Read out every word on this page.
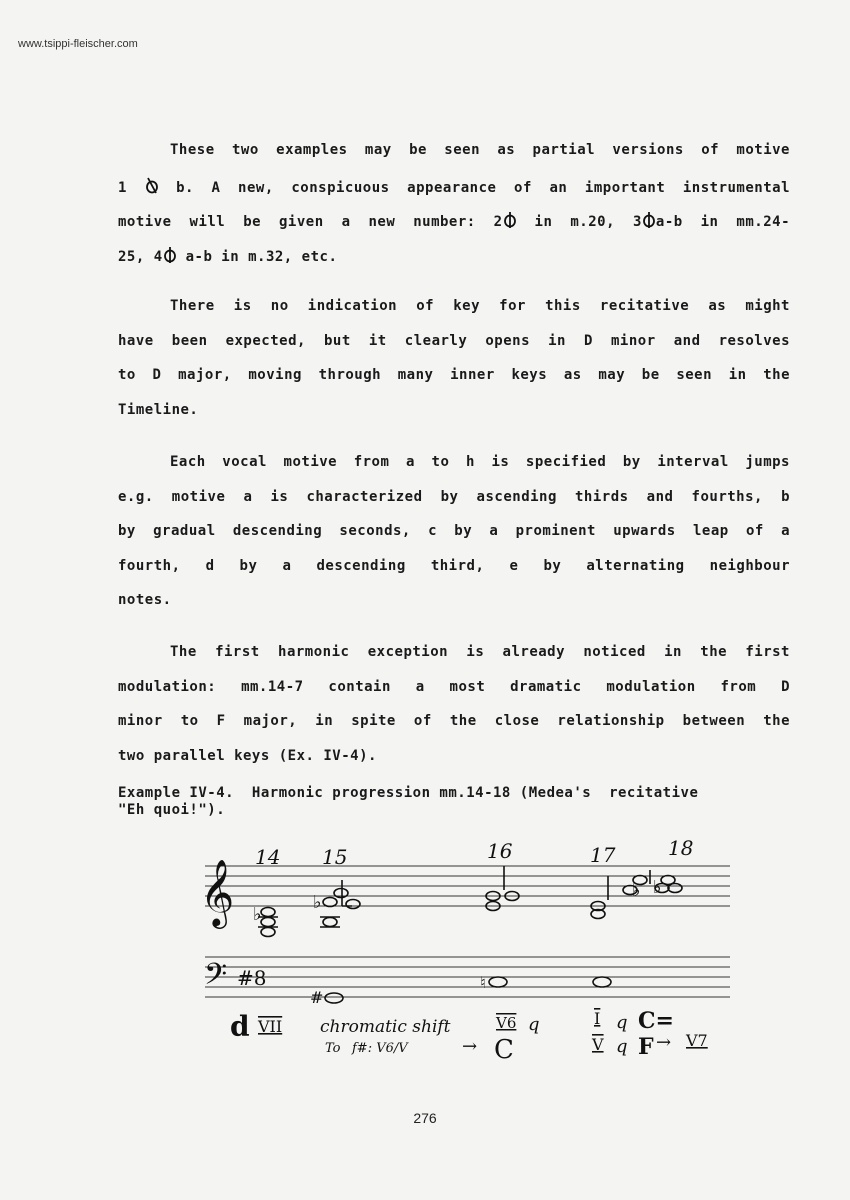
www.tsippi-fleischer.com
These two examples may be seen as partial versions of motive
1  b. A new, conspicuous appearance of an important instrumental
motive will be given a new number: 2 in m.20, 3 a-b in mm.24-
25, 4 a-b in m.32, etc.
There is no indication of key for this recitative as might
have been expected, but it clearly opens in D minor and resolves
to D major, moving through many inner keys as may be seen in the
Timeline.
Each vocal motive from a to h is specified by interval jumps
e.g. motive a is characterized by ascending thirds and fourths, b
by gradual descending seconds, c by a prominent upwards leap of a
fourth, d by a descending third, e by alternating neighbour
notes.
The first harmonic exception is already noticed in the first
modulation: mm.14-7 contain a most dramatic modulation from D
minor to F major, in spite of the close relationship between the
two parallel keys (Ex. IV-4).
Example IV-4.  Harmonic progression mm.14-18 (Medea's  recitative
"Eh quoi!").
𝄞
𝄢
14 15	16	17	18
♭
♭
♭ ♭
#8
#
♮
d VII chromatic shift
To f#: V6/V	→
V6 q
C
I q C=
V q F → V7
276
